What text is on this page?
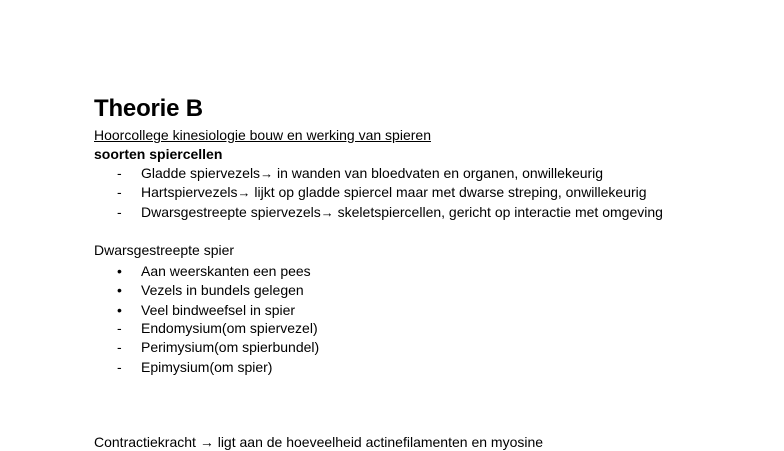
Theorie B
Hoorcollege kinesiologie bouw en werking van spieren
soorten spiercellen
-	Gladde spiervezels→ in wanden van bloedvaten en organen, onwillekeurig
-	Hartspiervezels→ lijkt op gladde spiercel maar met dwarse streping, onwillekeurig
-	Dwarsgestreepte spiervezels→ skeletspiercellen, gericht op interactie met omgeving
Dwarsgestreepte spier
•	Aan weerskanten een pees
•	Vezels in bundels gelegen
•	Veel bindweefsel in spier
-	Endomysium(om spiervezel)
-	Perimysium(om spierbundel)
-	Epimysium(om spier)
Contractiekracht → ligt aan de hoeveelheid actinefilamenten en myosine
